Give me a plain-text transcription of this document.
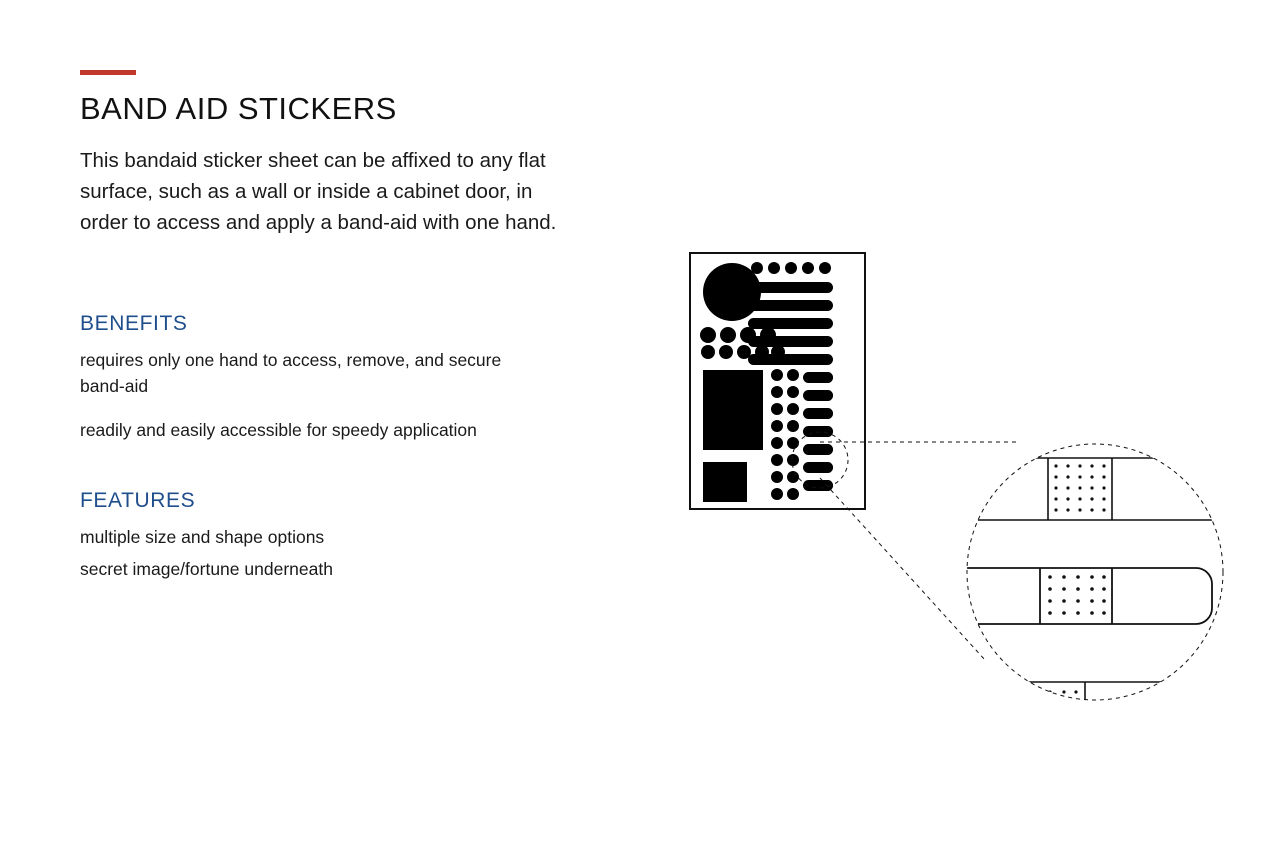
BAND AID STICKERS

This bandaid sticker sheet can be affixed to any flat surface, such as a wall or inside a cabinet door, in order to access and apply a band-aid with one hand.

BENEFITS

requires only one hand to access, remove, and secure band-aid

readily and easily accessible for speedy application

FEATURES

multiple size and shape options

secret image/fortune underneath
